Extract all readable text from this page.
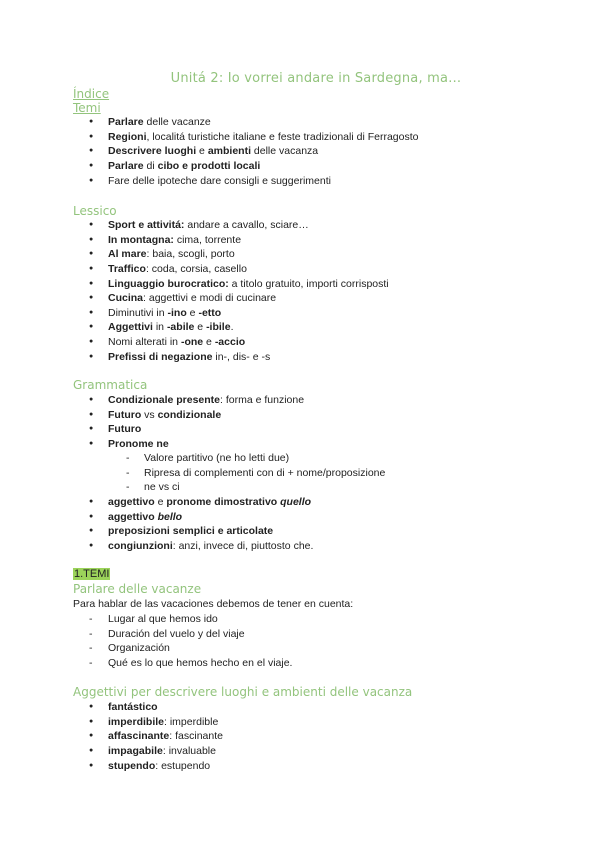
Unitá 2: Io vorrei andare in Sardegna, ma…
Índice
Temi
● Parlare delle vacanze
● Regioni, localitá turistiche italiane e feste tradizionali di Ferragosto
● Descrivere luoghi e ambienti delle vacanza
● Parlare di cibo e prodotti locali
● Fare delle ipoteche dare consigli e suggerimenti
Lessico
● Sport e attivitá: andare a cavallo, sciare…
● In montagna: cima, torrente
● Al mare: baia, scogli, porto
● Traffico: coda, corsia, casello
● Linguaggio burocratico: a titolo gratuito, importi corrisposti
● Cucina: aggettivi e modi di cucinare
● Diminutivi in -ino e -etto
● Aggettivi in -abile e -ibile.
● Nomi alterati in -one e -accio
● Prefissi di negazione in-, dis- e -s
Grammatica
● Condizionale presente: forma e funzione
● Futuro vs condizionale
● Futuro
● Pronome ne
- Valore partitivo (ne ho letti due)
- Ripresa di complementi con di + nome/proposizione
- ne vs ci
● aggettivo e pronome dimostrativo quello
● aggettivo bello
● preposizioni semplici e articolate
● congiunzioni: anzi, invece di, piuttosto che.
1.TEMI
Parlare delle vacanze
Para hablar de las vacaciones debemos de tener en cuenta:
- Lugar al que hemos ido
- Duración del vuelo y del viaje
- Organización
- Qué es lo que hemos hecho en el viaje.
Aggettivi per descrivere luoghi e ambienti delle vacanza
● fantástico
● imperdibile: imperdible
● affascinante: fascinante
● impagabile: invaluable
● stupendo: estupendo
